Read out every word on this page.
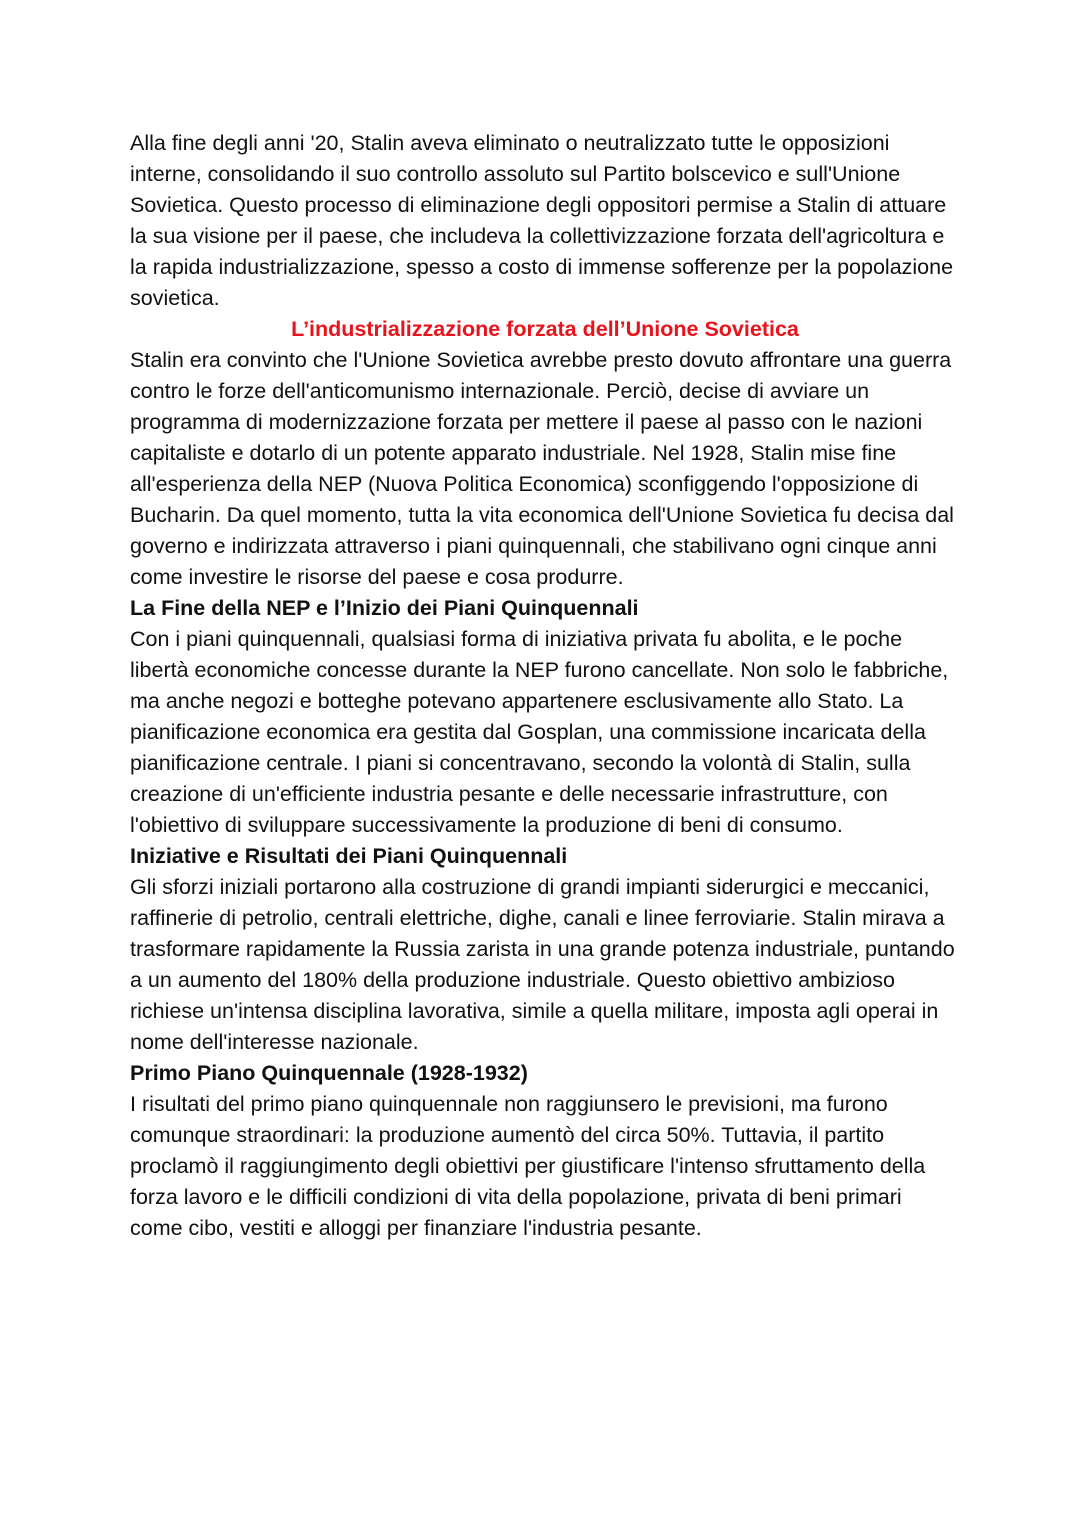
Alla fine degli anni '20, Stalin aveva eliminato o neutralizzato tutte le opposizioni interne, consolidando il suo controllo assoluto sul Partito bolscevico e sull'Unione Sovietica. Questo processo di eliminazione degli oppositori permise a Stalin di attuare la sua visione per il paese, che includeva la collettivizzazione forzata dell'agricoltura e la rapida industrializzazione, spesso a costo di immense sofferenze per la popolazione sovietica.

L’industrializzazione forzata dell’Unione Sovietica

Stalin era convinto che l'Unione Sovietica avrebbe presto dovuto affrontare una guerra contro le forze dell'anticomunismo internazionale. Perciò, decise di avviare un programma di modernizzazione forzata per mettere il paese al passo con le nazioni capitaliste e dotarlo di un potente apparato industriale. Nel 1928, Stalin mise fine all'esperienza della NEP (Nuova Politica Economica) sconfiggendo l'opposizione di Bucharin. Da quel momento, tutta la vita economica dell'Unione Sovietica fu decisa dal governo e indirizzata attraverso i piani quinquennali, che stabilivano ogni cinque anni come investire le risorse del paese e cosa produrre.

La Fine della NEP e l’Inizio dei Piani Quinquennali

Con i piani quinquennali, qualsiasi forma di iniziativa privata fu abolita, e le poche libertà economiche concesse durante la NEP furono cancellate. Non solo le fabbriche, ma anche negozi e botteghe potevano appartenere esclusivamente allo Stato. La pianificazione economica era gestita dal Gosplan, una commissione incaricata della pianificazione centrale. I piani si concentravano, secondo la volontà di Stalin, sulla creazione di un'efficiente industria pesante e delle necessarie infrastrutture, con l'obiettivo di sviluppare successivamente la produzione di beni di consumo.

Iniziative e Risultati dei Piani Quinquennali

Gli sforzi iniziali portarono alla costruzione di grandi impianti siderurgici e meccanici, raffinerie di petrolio, centrali elettriche, dighe, canali e linee ferroviarie. Stalin mirava a trasformare rapidamente la Russia zarista in una grande potenza industriale, puntando a un aumento del 180% della produzione industriale. Questo obiettivo ambizioso richiese un'intensa disciplina lavorativa, simile a quella militare, imposta agli operai in nome dell'interesse nazionale.

Primo Piano Quinquennale (1928-1932)

I risultati del primo piano quinquennale non raggiunsero le previsioni, ma furono comunque straordinari: la produzione aumentò del circa 50%. Tuttavia, il partito proclamò il raggiungimento degli obiettivi per giustificare l'intenso sfruttamento della forza lavoro e le difficili condizioni di vita della popolazione, privata di beni primari come cibo, vestiti e alloggi per finanziare l'industria pesante.
